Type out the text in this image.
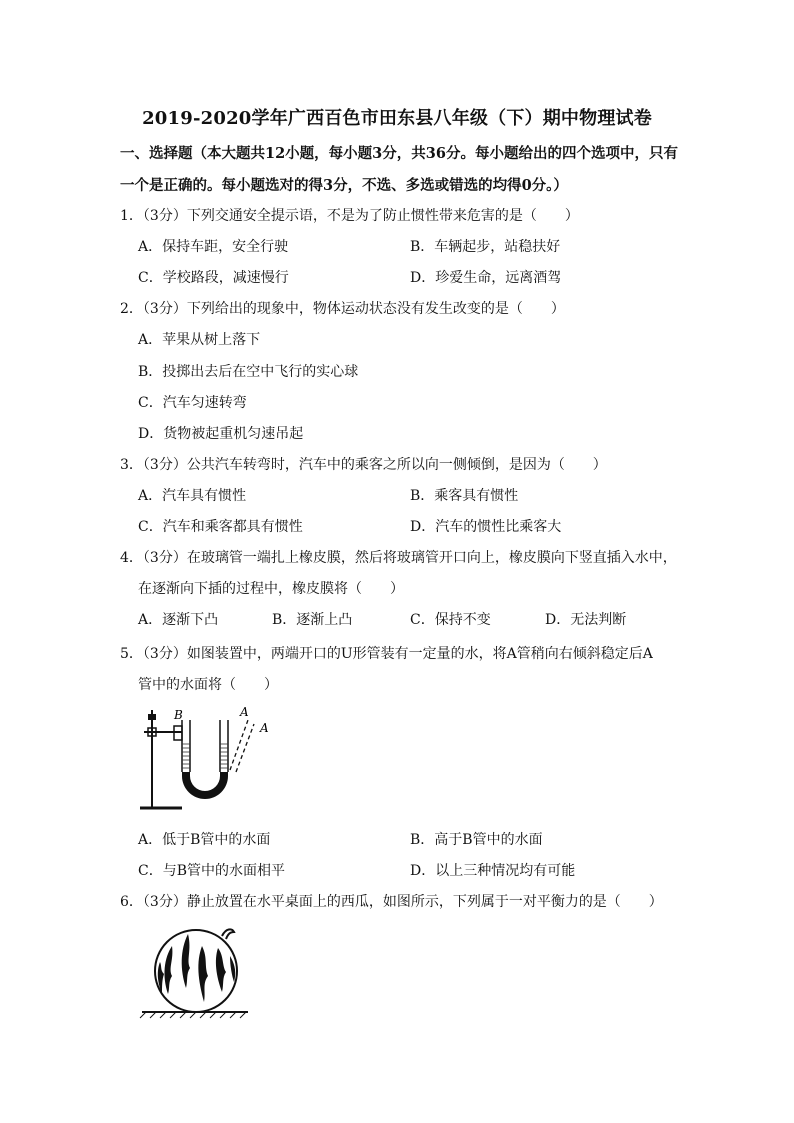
2019-2020学年广西百色市田东县八年级（下）期中物理试卷
一、选择题（本大题共12小题，每小题3分，共36分。每小题给出的四个选项中，只有
一个是正确的。每小题选对的得3分，不选、多选或错选的均得0分。）
1．（3分）下列交通安全提示语，不是为了防止惯性带来危害的是（　　）
A．保持车距，安全行驶	B．车辆起步，站稳扶好
C．学校路段，减速慢行	D．珍爱生命，远离酒驾
2．（3分）下列给出的现象中，物体运动状态没有发生改变的是（　　）
A．苹果从树上落下
B．投掷出去后在空中飞行的实心球
C．汽车匀速转弯
D．货物被起重机匀速吊起
3．（3分）公共汽车转弯时，汽车中的乘客之所以向一侧倾倒，是因为（　　）
A．汽车具有惯性	B．乘客具有惯性
C．汽车和乘客都具有惯性	D．汽车的惯性比乘客大
4．（3分）在玻璃管一端扎上橡皮膜，然后将玻璃管开口向上，橡皮膜向下竖直插入水中，
在逐渐向下插的过程中，橡皮膜将（　　）
A．逐渐下凸	B．逐渐上凸	C．保持不变	D．无法判断
5．（3分）如图装置中，两端开口的U形管装有一定量的水，将A管稍向右倾斜稳定后A
管中的水面将（　　）
B	A
A
A．低于B管中的水面	B．高于B管中的水面
C．与B管中的水面相平	D．以上三种情况均有可能
6．（3分）静止放置在水平桌面上的西瓜，如图所示，下列属于一对平衡力的是（　　）
